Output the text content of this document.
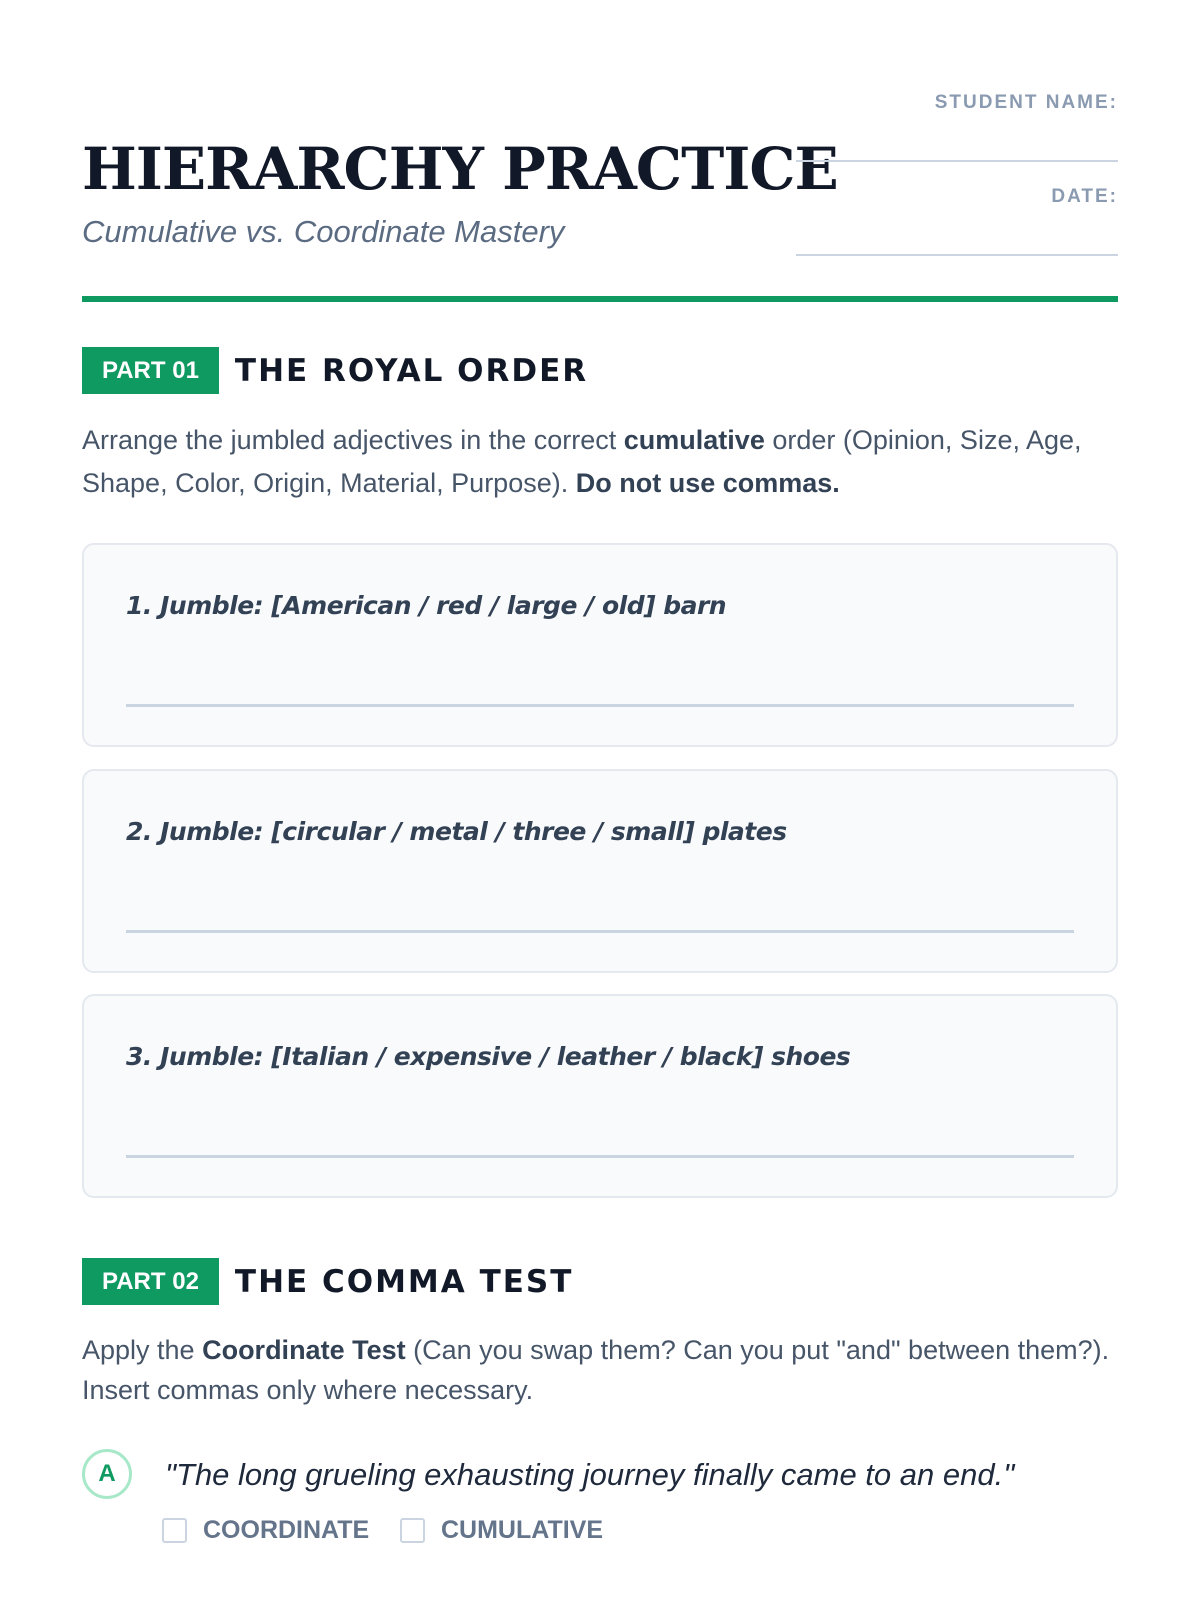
HIERARCHY PRACTICE

Cumulative vs. Coordinate Mastery

STUDENT NAME:
DATE:
PART 01	THE ROYAL ORDER

Arrange the jumbled adjectives in the correct cumulative order (Opinion, Size, Age, Shape, Color, Origin, Material, Purpose). Do not use commas.

1. Jumble: [American / red / large / old] barn
2. Jumble: [circular / metal / three / small] plates
3. Jumble: [Italian / expensive / leather / black] shoes
PART 02	THE COMMA TEST

Apply the Coordinate Test (Can you swap them? Can you put "and" between them?). Insert commas only where necessary.

A	"The long grueling exhausting journey finally came to an end."
COORDINATE	CUMULATIVE
